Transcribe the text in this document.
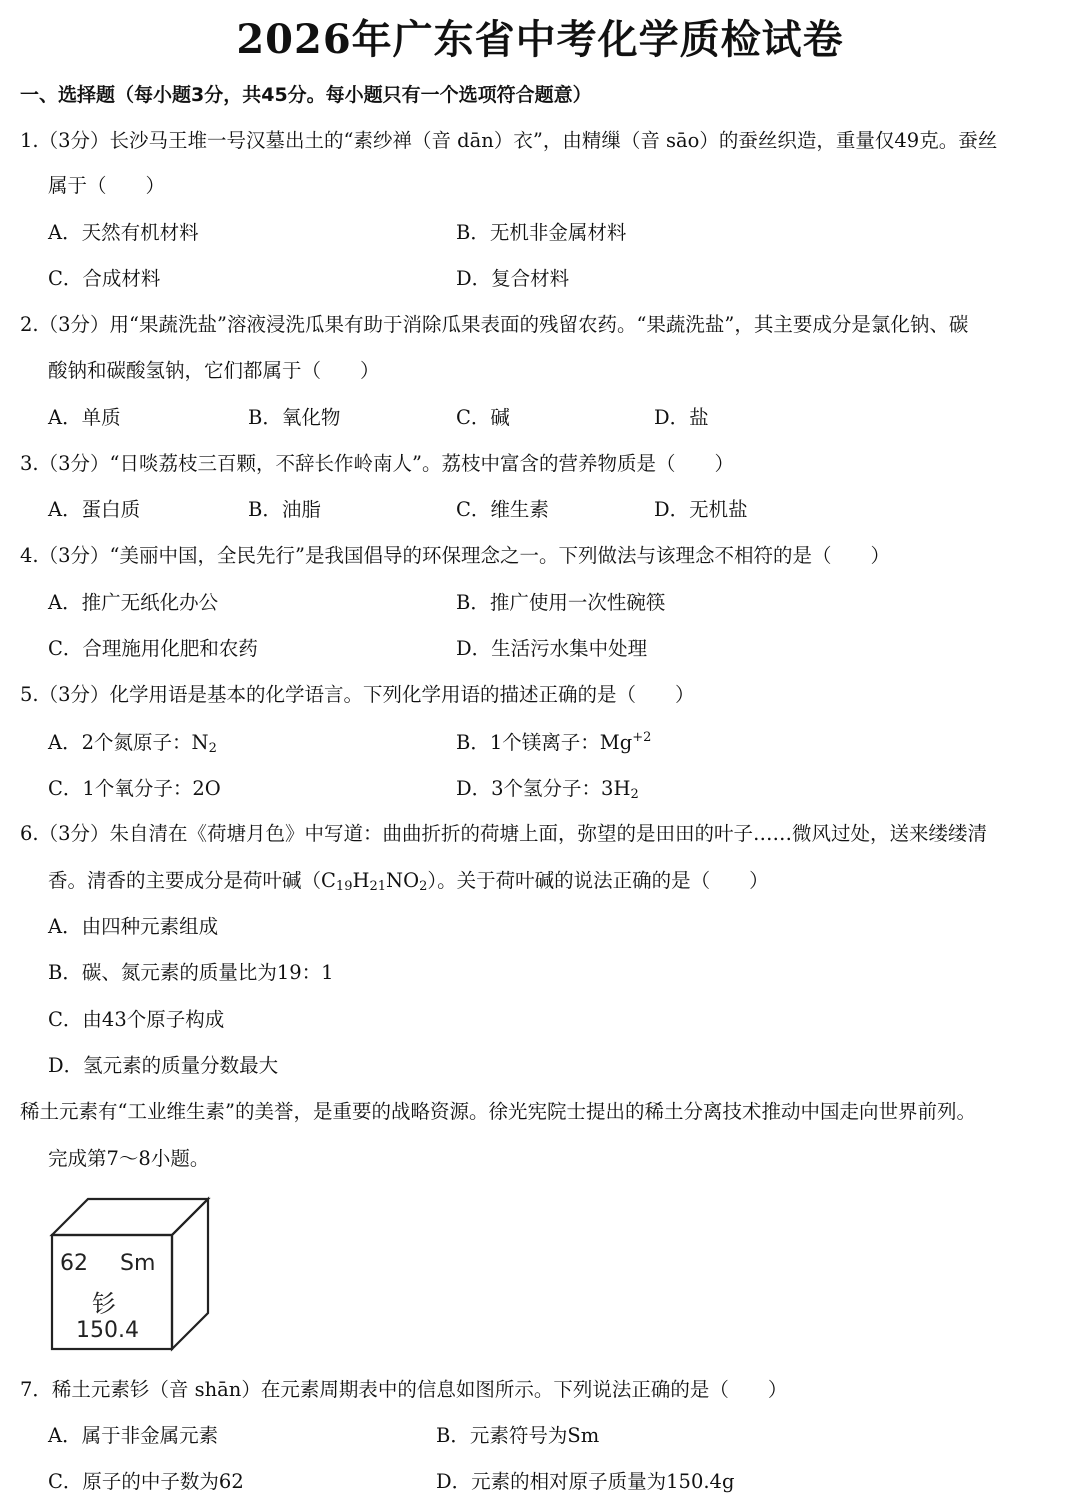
2026年广东省中考化学质检试卷
一、选择题（每小题3分，共45分。每小题只有一个选项符合题意）
1.（3分）长沙马王堆一号汉墓出土的“素纱禅（音 dān）衣”，由精缫（音 sāo）的蚕丝织造，重量仅49克。蚕丝
属于（　　）
A．天然有机材料	B．无机非金属材料
C．合成材料	D．复合材料
2.（3分）用“果蔬洗盐”溶液浸洗瓜果有助于消除瓜果表面的残留农药。“果蔬洗盐”，其主要成分是氯化钠、碳
酸钠和碳酸氢钠，它们都属于（　　）
A．单质	B．氧化物	C．碱	D．盐
3.（3分）“日啖荔枝三百颗，不辞长作岭南人”。荔枝中富含的营养物质是（　　）
A．蛋白质	B．油脂	C．维生素	D．无机盐
4.（3分）“美丽中国，全民先行”是我国倡导的环保理念之一。下列做法与该理念不相符的是（　　）
A．推广无纸化办公	B．推广使用一次性碗筷
C．合理施用化肥和农药	D．生活污水集中处理
5.（3分）化学用语是基本的化学语言。下列化学用语的描述正确的是（　　）
A．2个氮原子：$N_2$	B．1个镁离子：$Mg^{+2}$
C．1个氧分子：2O	D．3个氢分子：$3H_2$
6.（3分）朱自清在《荷塘月色》中写道：曲曲折折的荷塘上面，弥望的是田田的叶子……微风过处，送来缕缕清
香。清香的主要成分是荷叶碱$(C_{19}H_{21}NO_2)$。关于荷叶碱的说法正确的是（　　）
A．由四种元素组成
B．碳、氮元素的质量比为19：1
C．由43个原子构成
D．氢元素的质量分数最大
稀土元素有“工业维生素”的美誉，是重要的战略资源。徐光宪院士提出的稀土分离技术推动中国走向世界前列。
完成第7～8小题。
62 Sm
钐
150.4
7．稀土元素钐（音 shān）在元素周期表中的信息如图所示。下列说法正确的是（　　）
A．属于非金属元素	B．元素符号为Sm
C．原子的中子数为62	D．元素的相对原子质量为150.4g
